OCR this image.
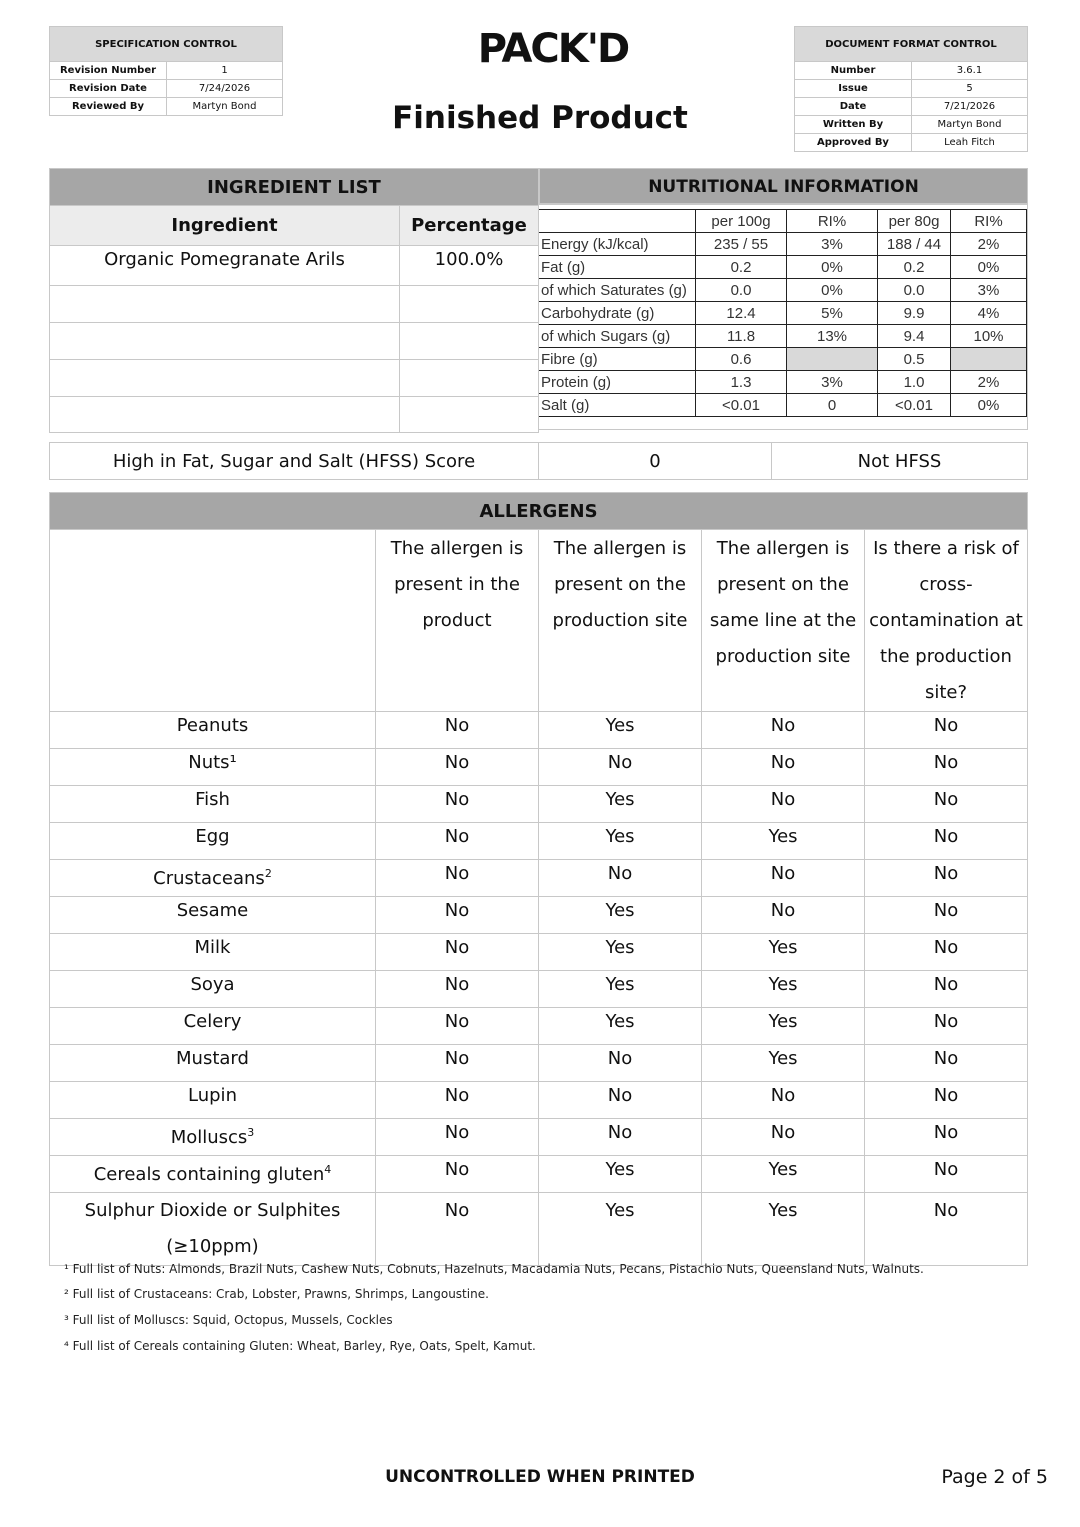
SPECIFICATION CONTROL	
Revision Number	1
Revision Date	7/24/2026
Reviewed By	Martyn Bond
PACK'D
Finished Product
DOCUMENT FORMAT CONTROL	
Number	3.6.1
Issue	5
Date	7/21/2026
Written By	Martyn Bond
Approved By	Leah Fitch
INGREDIENT LIST	
Ingredient	Percentage
Organic Pomegranate Arils	100.0%

NUTRITIONAL INFORMATION
	per 100g	RI%	per 80g	RI%
Energy (kJ/kcal)	235 / 55	3%	188 / 44	2%
Fat (g)	0.2	0%	0.2	0%
of which Saturates (g)	0.0	0%	0.0	3%
Carbohydrate (g)	12.4	5%	9.9	4%
of which Sugars (g)	11.8	13%	9.4	10%
Fibre (g)	0.6		0.5	
Protein (g)	1.3	3%	1.0	2%
Salt (g)	<0.01	0	<0.01	0%
High in Fat, Sugar and Salt (HFSS) Score	0	Not HFSS
ALLERGENS				
	The allergen is present in the product	The allergen is present on the production site	The allergen is present on the same line at the production site	Is there a risk of cross-contamination at the production site?
Peanuts	No	Yes	No	No
Nuts¹	No	No	No	No
Fish	No	Yes	No	No
Egg	No	Yes	Yes	No
Crustaceans$^2$	No	No	No	No
Sesame	No	Yes	No	No
Milk	No	Yes	Yes	No
Soya	No	Yes	Yes	No
Celery	No	Yes	Yes	No
Mustard	No	No	Yes	No
Lupin	No	No	No	No
Molluscs$^3$	No	No	No	No
Cereals containing gluten$^4$	No	Yes	Yes	No
Sulphur Dioxide or Sulphites (≥10ppm)	No	Yes	Yes	No
¹ Full list of Nuts: Almonds, Brazil Nuts, Cashew Nuts, Cobnuts, Hazelnuts, Macadamia Nuts, Pecans, Pistachio Nuts, Queensland Nuts, Walnuts.
² Full list of Crustaceans: Crab, Lobster, Prawns, Shrimps, Langoustine.
³ Full list of Molluscs: Squid, Octopus, Mussels, Cockles
⁴ Full list of Cereals containing Gluten: Wheat, Barley, Rye, Oats, Spelt, Kamut.
UNCONTROLLED WHEN PRINTED	Page 2 of 5
